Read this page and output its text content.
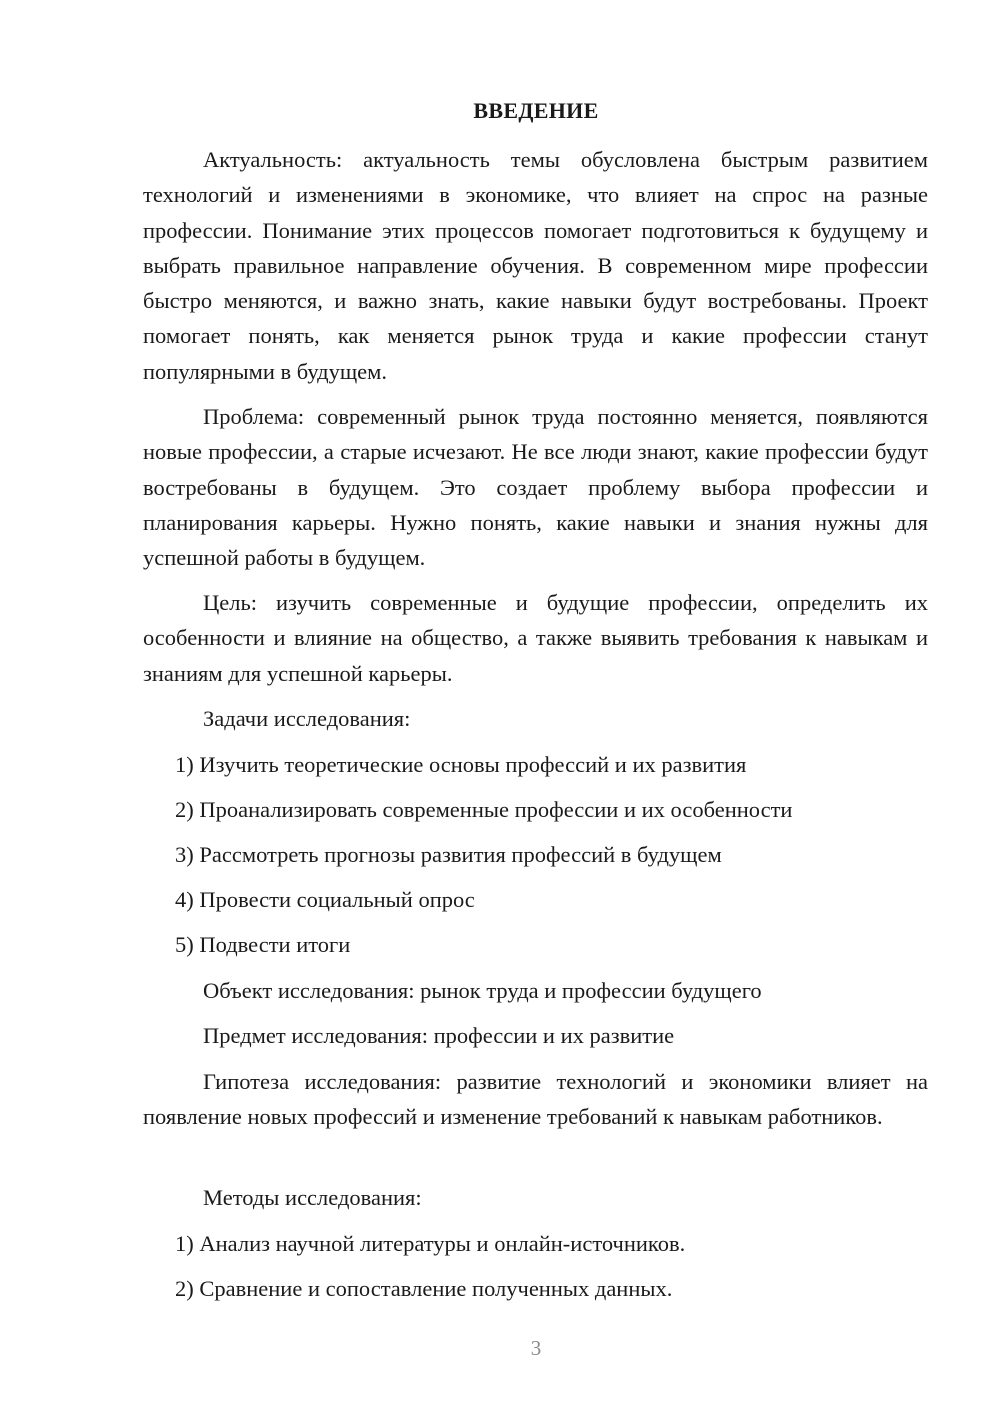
ВВЕДЕНИЕ

Актуальность: актуальность темы обусловлена быстрым развитием технологий и изменениями в экономике, что влияет на спрос на разные профессии. Понимание этих процессов помогает подготовиться к будущему и выбрать правильное направление обучения. В современном мире профессии быстро меняются, и важно знать, какие навыки будут востребованы. Проект помогает понять, как меняется рынок труда и какие профессии станут популярными в будущем.

Проблема: современный рынок труда постоянно меняется, появляются новые профессии, а старые исчезают. Не все люди знают, какие профессии будут востребованы в будущем. Это создает проблему выбора профессии и планирования карьеры. Нужно понять, какие навыки и знания нужны для успешной работы в будущем.

Цель: изучить современные и будущие профессии, определить их особенности и влияние на общество, а также выявить требования к навыкам и знаниям для успешной карьеры.

Задачи исследования:

1) Изучить теоретические основы профессий и их развития

2) Проанализировать современные профессии и их особенности

3) Рассмотреть прогнозы развития профессий в будущем

4) Провести социальный опрос

5) Подвести итоги

Объект исследования: рынок труда и профессии будущего

Предмет исследования: профессии и их развитие

Гипотеза исследования: развитие технологий и экономики влияет на появление новых профессий и изменение требований к навыкам работников.

Методы исследования:

1) Анализ научной литературы и онлайн-источников.

2) Сравнение и сопоставление полученных данных.

3
